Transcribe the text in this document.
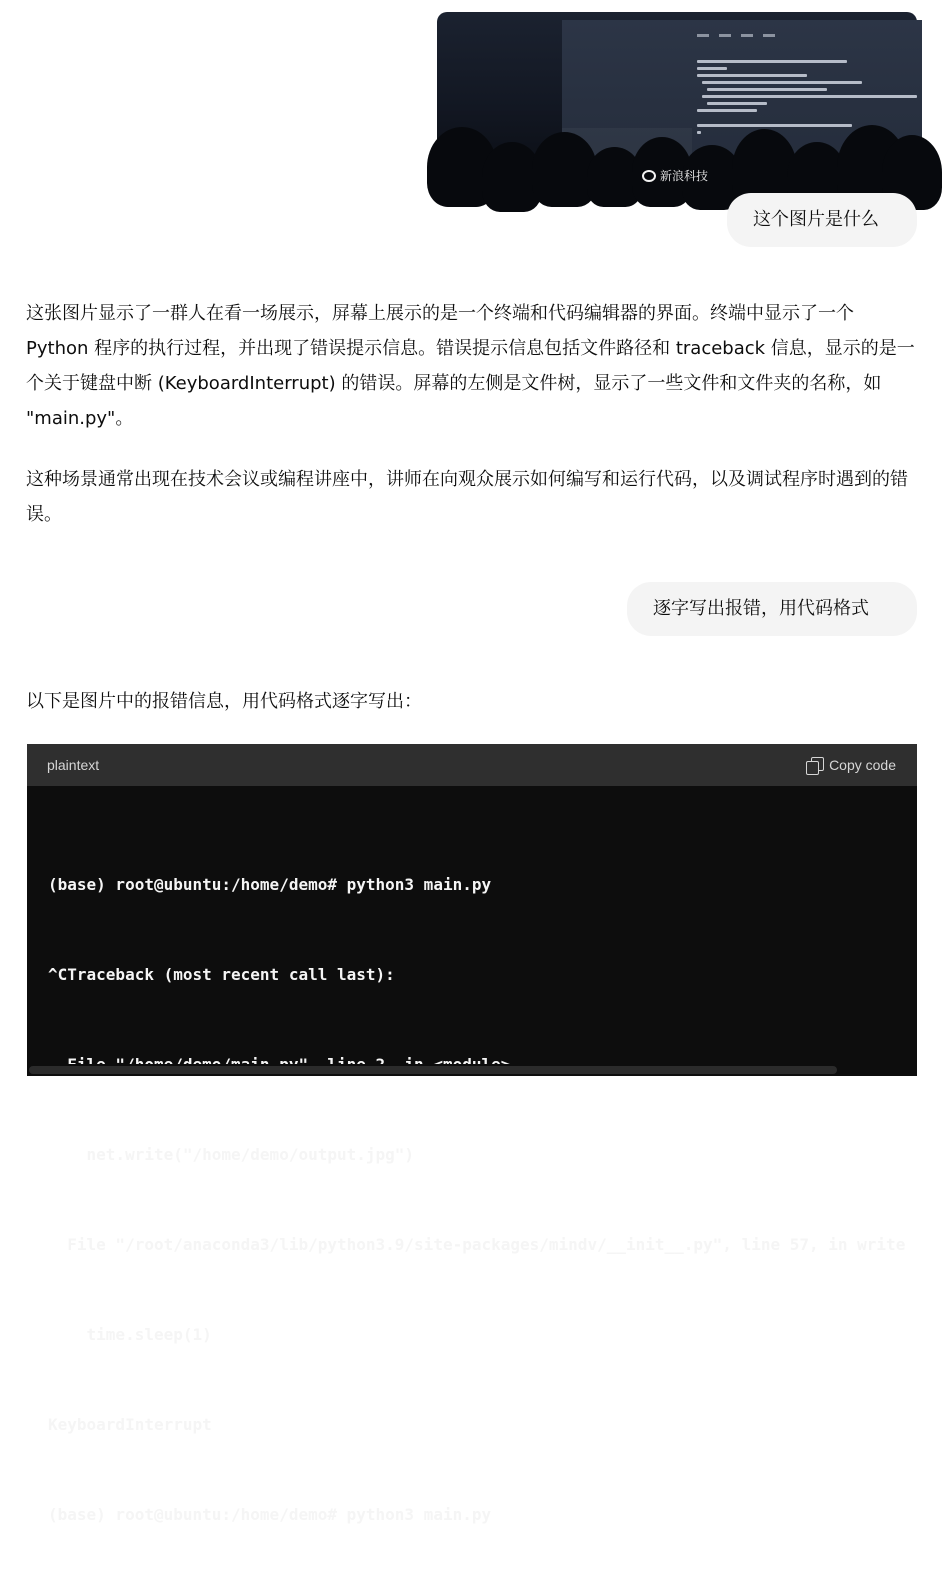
新浪科技
这个图片是什么

这张图片显示了一群人在看一场展示，屏幕上展示的是一个终端和代码编辑器的界面。终端中显示了一个 Python 程序的执行过程，并出现了错误提示信息。错误提示信息包括文件路径和 traceback 信息，显示的是一个关于键盘中断 (KeyboardInterrupt) 的错误。屏幕的左侧是文件树，显示了一些文件和文件夹的名称，如 "main.py"。

这种场景通常出现在技术会议或编程讲座中，讲师在向观众展示如何编写和运行代码，以及调试程序时遇到的错误。

逐字写出报错，用代码格式

以下是图片中的报错信息，用代码格式逐字写出：

plaintext	Copy code

(base) root@ubuntu:/home/demo# python3 main.py

^CTraceback (most recent call last):

net.write("/home/demo/output.jpg")

File "/root/anaconda3/lib/python3.9/site-packages/mindv/__init__.py", line 57, in write

time.sleep(1)

KeyboardInterrupt

(base) root@ubuntu:/home/demo# python3 main.py
